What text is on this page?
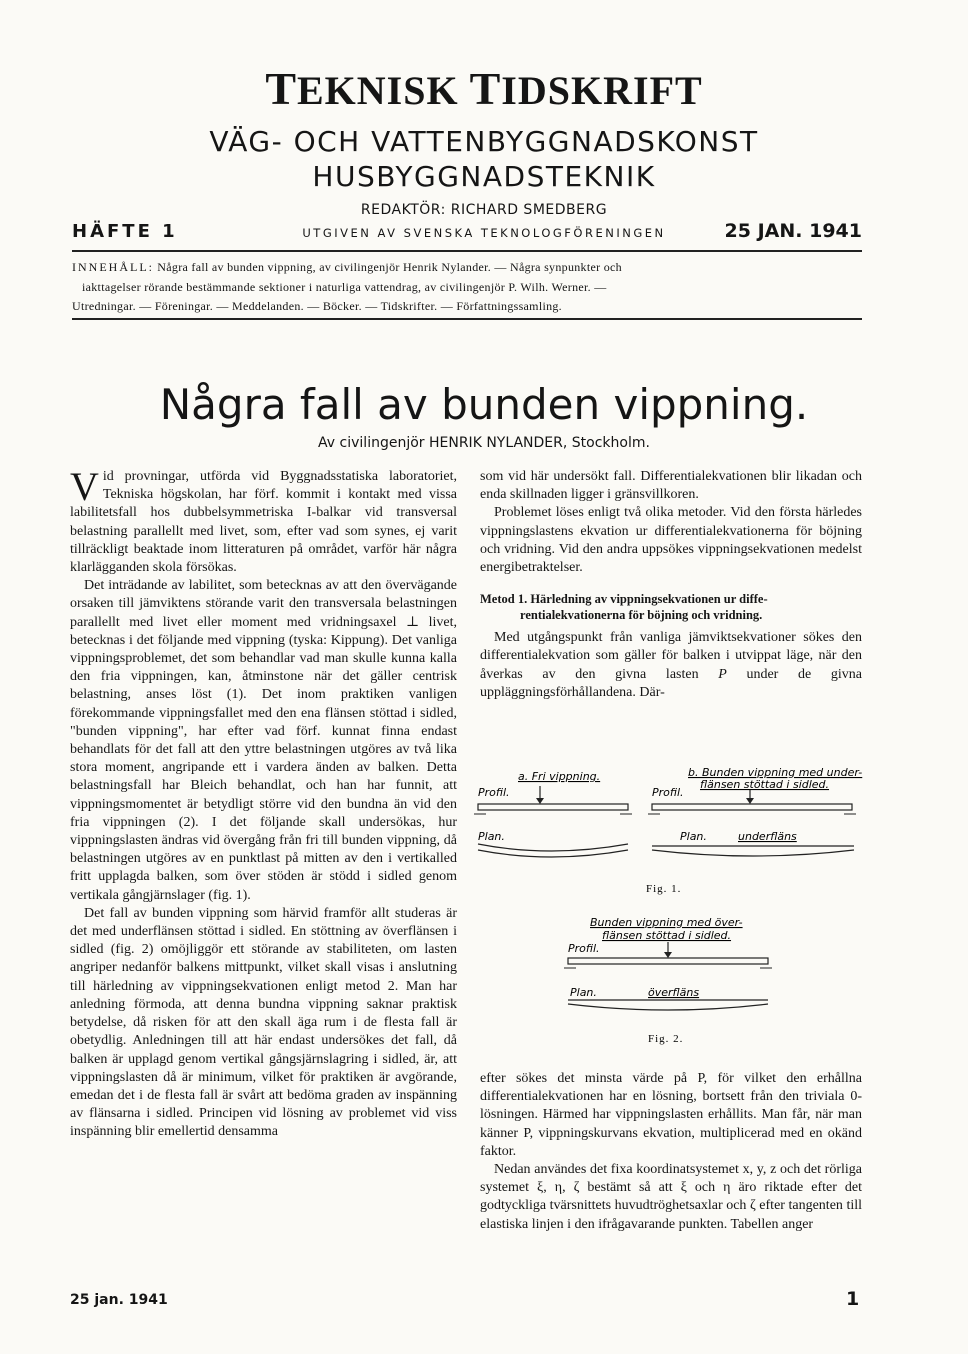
TEKNISK TIDSKRIFT
VÄG- OCH VATTENBYGGNADSKONST
HUSBYGGNADSTEKNIK
REDAKTÖR: RICHARD SMEDBERG
UTGIVEN AV SVENSKA TEKNOLOGFÖRENINGEN
HÄFTE 1	25 JAN. 1941
INNEHÅLL: Några fall av bunden vippning, av civilingenjör Henrik Nylander. — Några synpunkter och
iakttagelser rörande bestämmande sektioner i naturliga vattendrag, av civilingenjör P. Wilh. Werner. —
Utredningar. — Föreningar. — Meddelanden. — Böcker. — Tidskrifter. — Författningssamling.
Några fall av bunden vippning.
Av civilingenjör HENRIK NYLANDER, Stockholm.

Vid provningar, utförda vid Byggnadsstatiska laboratoriet, Tekniska högskolan, har förf. kommit i kontakt med vissa labilitetsfall hos dubbelsymmetriska I-balkar vid transversal belastning parallellt med livet, som, efter vad som synes, ej varit tillräckligt beaktade inom litteraturen på området, varför här några klarlägganden skola försökas.

Det inträdande av labilitet, som betecknas av att den övervägande orsaken till jämviktens störande varit den transversala belastningen parallellt med livet eller moment med vridningsaxel ⊥ livet, betecknas i det följande med vippning (tyska: Kippung). Det vanliga vippningsproblemet, det som behandlar vad man skulle kunna kalla den fria vippningen, kan, åtminstone när det gäller centrisk belastning, anses löst (1). Det inom praktiken vanligen förekommande vippningsfallet med den ena flänsen stöttad i sidled, "bunden vippning", har efter vad förf. kunnat finna endast behandlats för det fall att den yttre belastningen utgöres av två lika stora moment, angripande ett i vardera änden av balken. Detta belastningsfall har Bleich behandlat, och han har funnit, att vippningsmomentet är betydligt större vid den bundna än vid den fria vippningen (2). I det följande skall undersökas, hur vippningslasten ändras vid övergång från fri till bunden vippning, då belastningen utgöres av en punktlast på mitten av den i vertikalled fritt upplagda balken, som över stöden är stödd i sidled genom vertikala gångjärnslager (fig. 1).

Det fall av bunden vippning som härvid framför allt studeras är det med underflänsen stöttad i sidled. En stöttning av överflänsen i sidled (fig. 2) omöjliggör ett störande av stabiliteten, om lasten angriper nedanför balkens mittpunkt, vilket skall visas i anslutning till härledning av vippningsekvationen enligt metod 2. Man har anledning förmoda, att denna bundna vippning saknar praktisk betydelse, då risken för att den skall äga rum i de flesta fall är obetydlig. Anledningen till att här endast undersökes det fall, då balken är upplagd genom vertikal gångsjärnslagring i sidled, är, att vippningslasten då är minimum, vilket för praktiken är avgörande, emedan det i de flesta fall är svårt att bedöma graden av inspänning av flänsarna i sidled. Principen vid lösning av problemet vid viss inspänning blir emellertid densamma

som vid här undersökt fall. Differentialekvationen blir likadan och enda skillnaden ligger i gränsvillkoren.

Problemet löses enligt två olika metoder. Vid den första härledes vippningslastens ekvation ur differentialekvationerna för böjning och vridning. Vid den andra uppsökes vippningsekvationen medelst energibetraktelser.

Metod 1. Härledning av vippningsekvationen ur diffe-
rentialekvationerna för böjning och vridning.

Med utgångspunkt från vanliga jämviktsekvationer sökes den differentialekvation som gäller för balken i utvippat läge, när den åverkas av den givna lasten P under de givna uppläggningsförhållandena. Där-

a. Fri vippning.
Profil.
Plan.
b. Bunden vippning med under-
flänsen stöttad i sidled.
Profil.
Plan.	underfläns
Fig. 1.
Bunden vippning med över-
flänsen stöttad i sidled.
Profil.
Plan.	överfläns
Fig. 2.

efter sökes det minsta värde på P, för vilket den erhållna differentialekvationen har en lösning, bortsett från den triviala 0-lösningen. Härmed har vippningslasten erhållits. Man får, när man känner P, vippningskurvans ekvation, multiplicerad med en okänd faktor.

Nedan användes det fixa koordinatsystemet x, y, z och det rörliga systemet ξ, η, ζ bestämt så att ξ och η äro riktade efter det godtyckliga tvärsnittets huvudtröghetsaxlar och ζ efter tangenten till elastiska linjen i den ifrågavarande punkten. Tabellen anger

25 jan. 1941	1
